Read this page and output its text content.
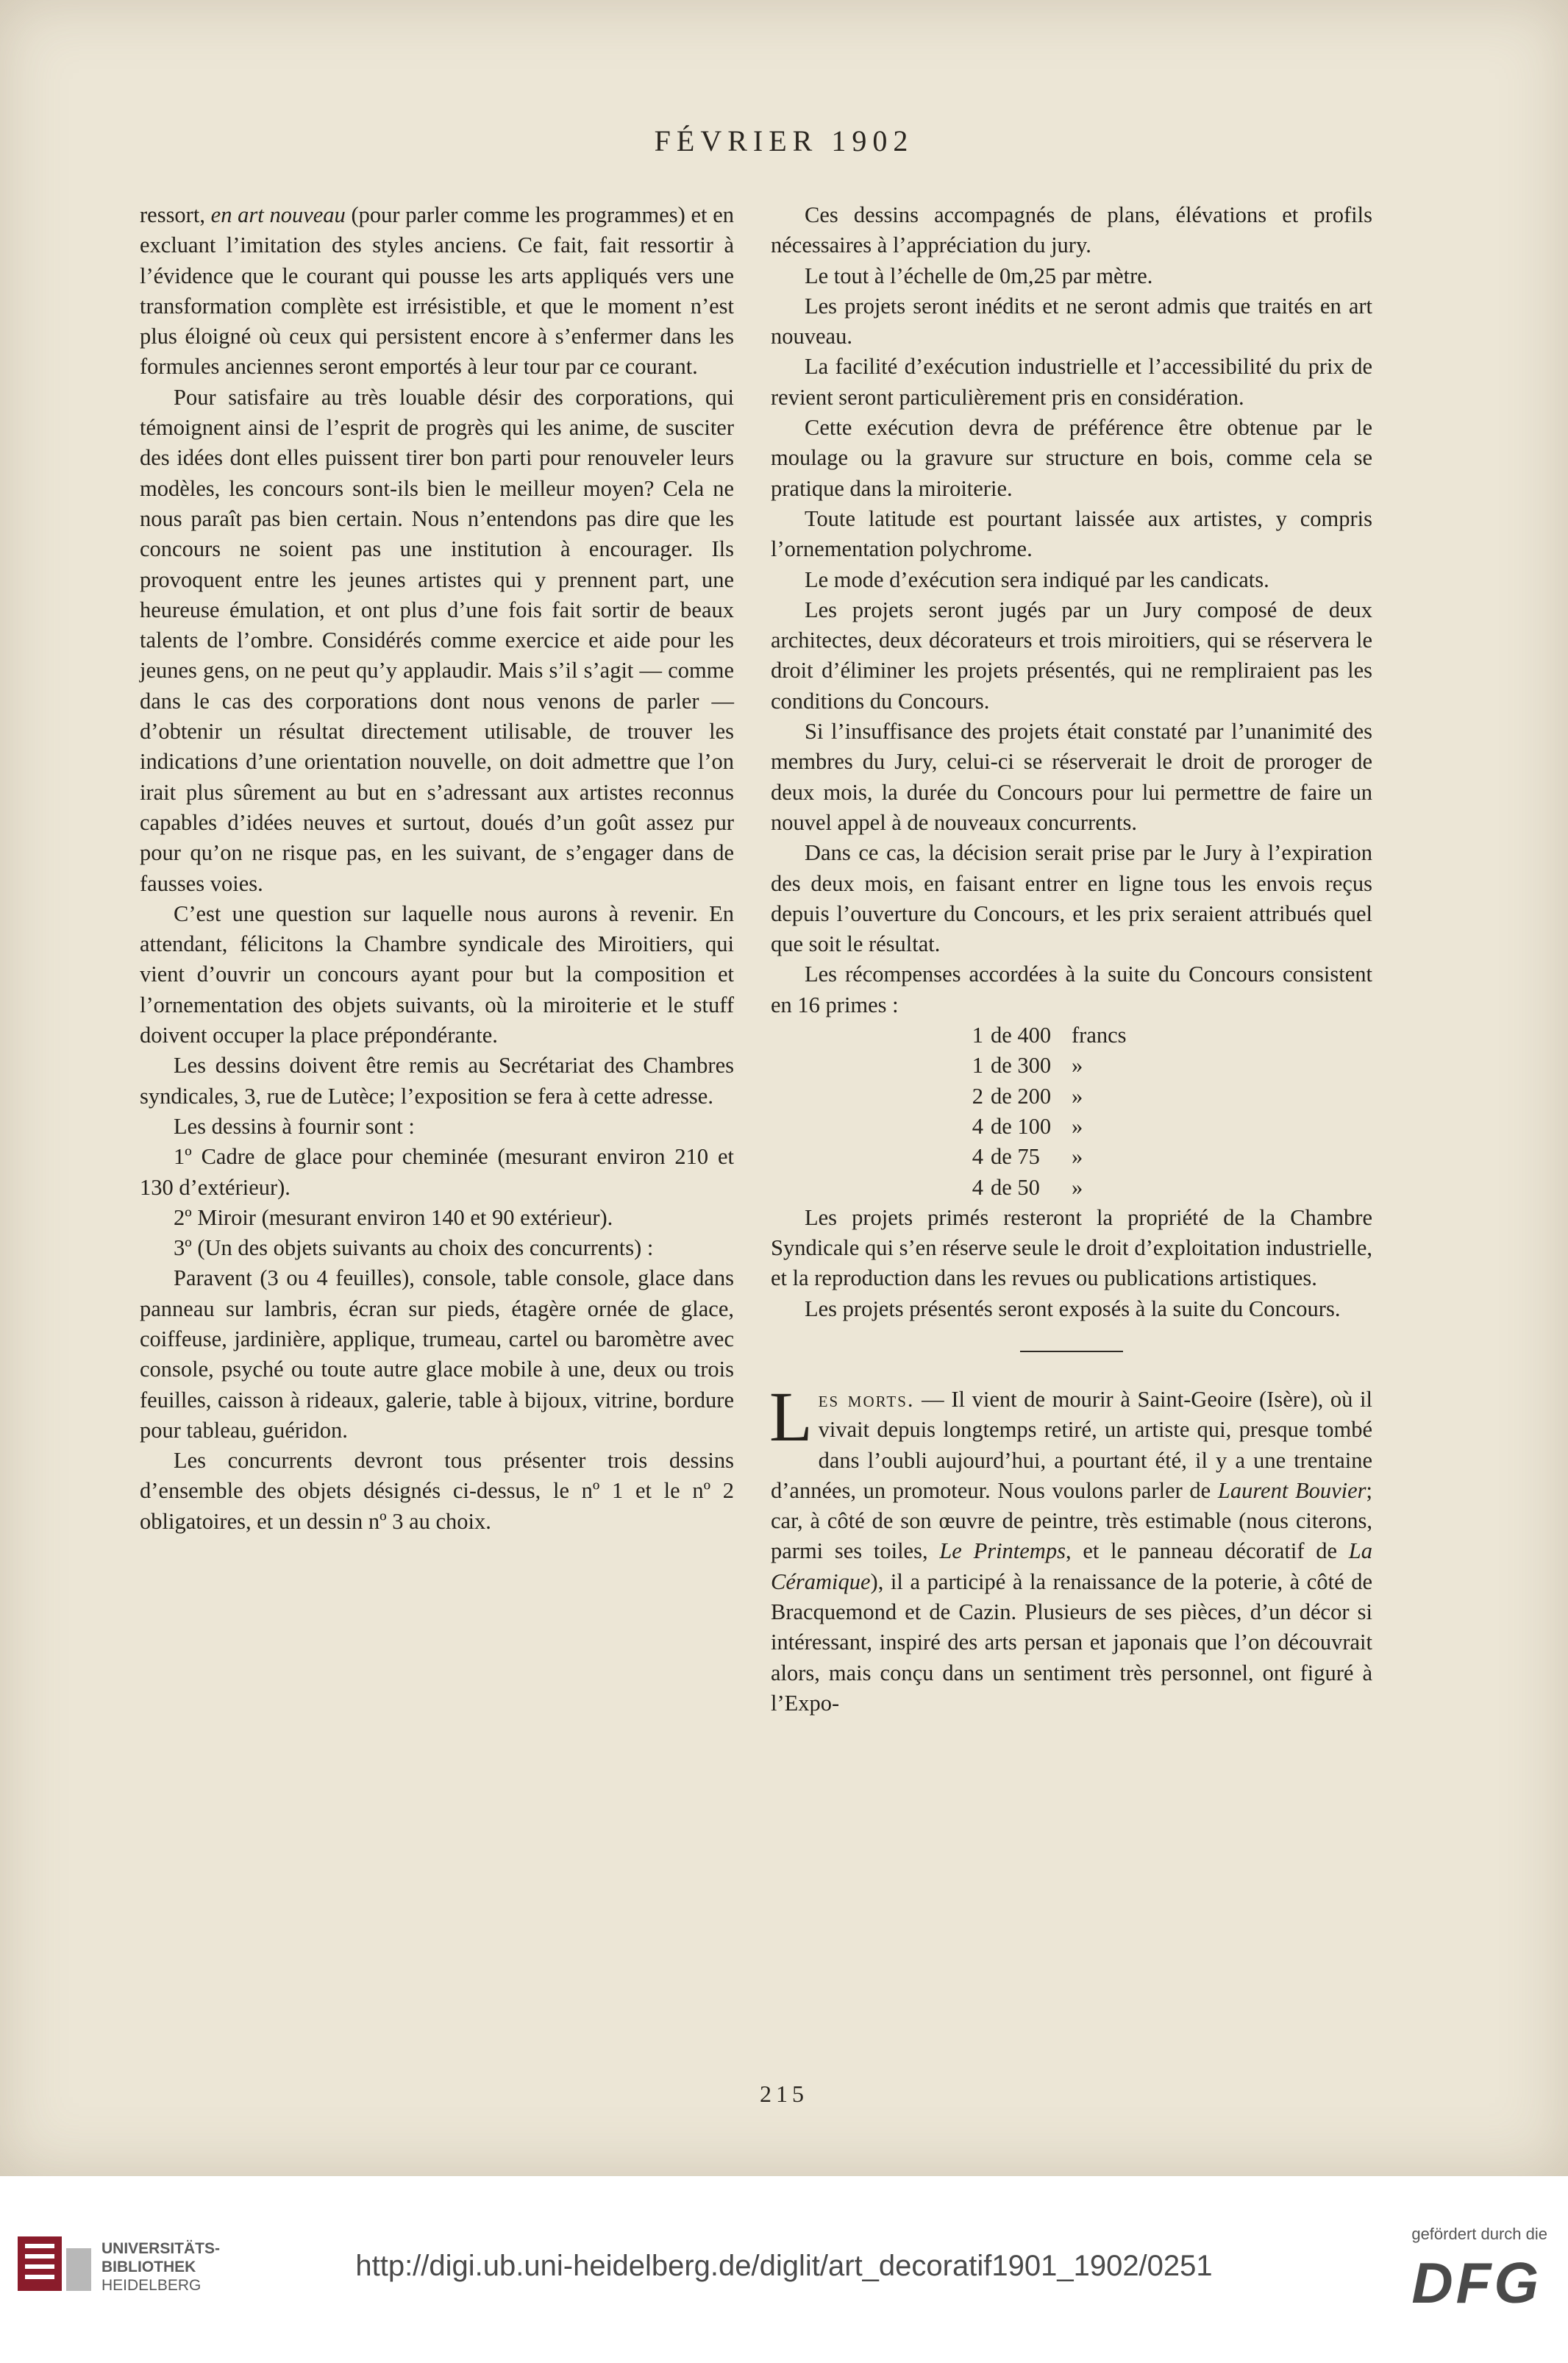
FÉVRIER 1902

ressort, en art nouveau (pour parler comme les programmes) et en excluant l’imitation des styles anciens. Ce fait, fait ressortir à l’évidence que le courant qui pousse les arts appliqués vers une transformation complète est irrésistible, et que le moment n’est plus éloigné où ceux qui persistent encore à s’enfermer dans les formules anciennes seront emportés à leur tour par ce courant.

Pour satisfaire au très louable désir des corporations, qui témoignent ainsi de l’esprit de progrès qui les anime, de susciter des idées dont elles puissent tirer bon parti pour renouveler leurs modèles, les concours sont-ils bien le meilleur moyen? Cela ne nous paraît pas bien certain. Nous n’entendons pas dire que les concours ne soient pas une institution à encourager. Ils provoquent entre les jeunes artistes qui y prennent part, une heureuse émulation, et ont plus d’une fois fait sortir de beaux talents de l’ombre. Considérés comme exercice et aide pour les jeunes gens, on ne peut qu’y applaudir. Mais s’il s’agit — comme dans le cas des corporations dont nous venons de parler — d’obtenir un résultat directement utilisable, de trouver les indications d’une orientation nouvelle, on doit admettre que l’on irait plus sûrement au but en s’adressant aux artistes reconnus capables d’idées neuves et surtout, doués d’un goût assez pur pour qu’on ne risque pas, en les suivant, de s’engager dans de fausses voies.

C’est une question sur laquelle nous aurons à revenir. En attendant, félicitons la Chambre syndicale des Miroitiers, qui vient d’ouvrir un concours ayant pour but la composition et l’ornementation des objets suivants, où la miroiterie et le stuff doivent occuper la place prépondérante.

Les dessins doivent être remis au Secrétariat des Chambres syndicales, 3, rue de Lutèce; l’exposition se fera à cette adresse.

Les dessins à fournir sont :

1º Cadre de glace pour cheminée (mesurant environ 210 et 130 d’extérieur).

2º Miroir (mesurant environ 140 et 90 extérieur).

3º (Un des objets suivants au choix des concurrents) :

Paravent (3 ou 4 feuilles), console, table console, glace dans panneau sur lambris, écran sur pieds, étagère ornée de glace, coiffeuse, jardinière, applique, trumeau, cartel ou baromètre avec console, psyché ou toute autre glace mobile à une, deux ou trois feuilles, caisson à rideaux, galerie, table à bijoux, vitrine, bordure pour tableau, guéridon.

Les concurrents devront tous présenter trois dessins d’ensemble des objets désignés ci-dessus, le nº 1 et le nº 2 obligatoires, et un dessin nº 3 au choix.

Ces dessins accompagnés de plans, élévations et profils nécessaires à l’appréciation du jury.

Le tout à l’échelle de 0m,25 par mètre.

Les projets seront inédits et ne seront admis que traités en art nouveau.

La facilité d’exécution industrielle et l’accessibilité du prix de revient seront particulièrement pris en considération.

Cette exécution devra de préférence être obtenue par le moulage ou la gravure sur structure en bois, comme cela se pratique dans la miroiterie.

Toute latitude est pourtant laissée aux artistes, y compris l’ornementation polychrome.

Le mode d’exécution sera indiqué par les candicats.

Les projets seront jugés par un Jury composé de deux architectes, deux décorateurs et trois miroitiers, qui se réservera le droit d’éliminer les projets présentés, qui ne rempliraient pas les conditions du Concours.

Si l’insuffisance des projets était constaté par l’unanimité des membres du Jury, celui-ci se réserverait le droit de proroger de deux mois, la durée du Concours pour lui permettre de faire un nouvel appel à de nouveaux concurrents.

Dans ce cas, la décision serait prise par le Jury à l’expiration des deux mois, en faisant entrer en ligne tous les envois reçus depuis l’ouverture du Concours, et les prix seraient attribués quel que soit le résultat.

Les récompenses accordées à la suite du Concours consistent en 16 primes :

1 de 400 francs
1 de 300 »
2 de 200 »
4 de 100 »
4 de 75	»
4 de 50	»

Les projets primés resteront la propriété de la Chambre Syndicale qui s’en réserve seule le droit d’exploitation industrielle, et la reproduction dans les revues ou publications artistiques.

Les projets présentés seront exposés à la suite du Concours.

Les morts. — Il vient de mourir à Saint-Geoire (Isère), où il vivait depuis longtemps retiré, un artiste qui, presque tombé dans l’oubli aujourd’hui, a pourtant été, il y a une trentaine d’années, un promoteur. Nous voulons parler de Laurent Bouvier; car, à côté de son œuvre de peintre, très estimable (nous citerons, parmi ses toiles, Le Printemps, et le panneau décoratif de La Céramique), il a participé à la renaissance de la poterie, à côté de Bracquemond et de Cazin. Plusieurs de ses pièces, d’un décor si intéressant, inspiré des arts persan et japonais que l’on découvrait alors, mais conçu dans un sentiment très personnel, ont figuré à l’Expo-

215
UNIVERSITÄTS-
BIBLIOTHEK
HEIDELBERG
http://digi.ub.uni-heidelberg.de/diglit/art_decoratif1901_1902/0251
gefördert durch die
DFG
